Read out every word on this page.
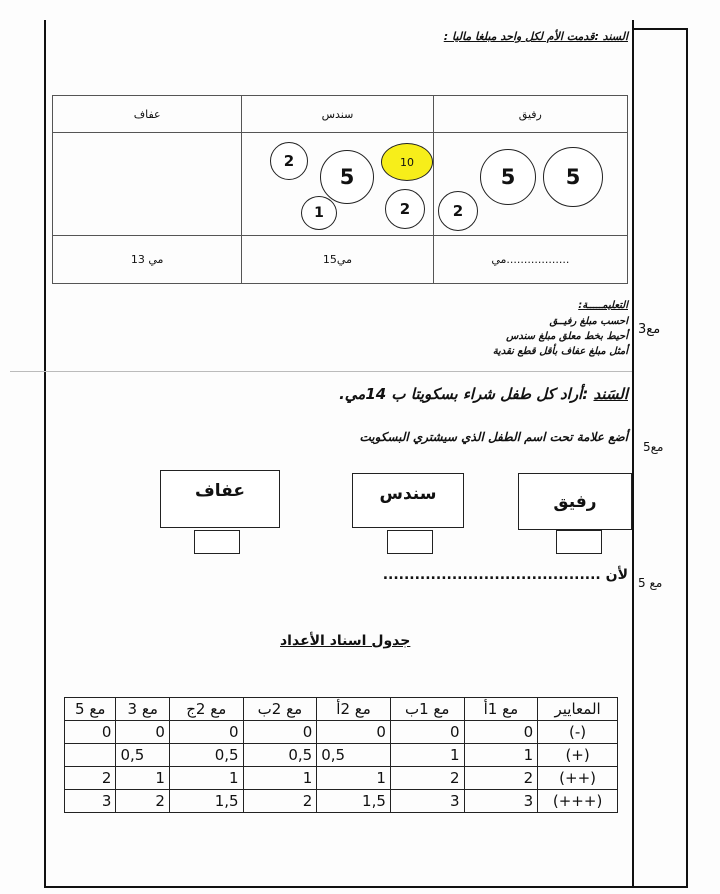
السند :قدمت الأم لكل واحد مبلغا ماليا :
عفاف	سندس	رفيق

13 مي	15مي	..................مي
2
5
10
1	2
5 5
2
التعليمـــــة:
احسب مبلغ رفيــق
أحيط بخط معلق مبلغ سندس
أمثل مبلغ عفاف بأقل قطع نقدية
مع3
السَند :أراد كل طفل شراء بسكويتا ب 14مي.
أضع علامة تحت اسم الطفل الذي سيشتري البسكويت
مع5
عفاف	سندس	رفيق
لأن ......................................... مع 5
جدول اسناد الأعداد
مع 5	مع 3	مع 2ج	مع 2ب	مع 2أ	مع 1ب	مع 1أ	المعايير
0	0	0	0	0	0	0	(-)
	0,5	0,5	0,5	0,5	1	1	(+)
2	1	1	1	1	2	2	(++)
3	2	1,5	2	1,5	3	3	(+++)
